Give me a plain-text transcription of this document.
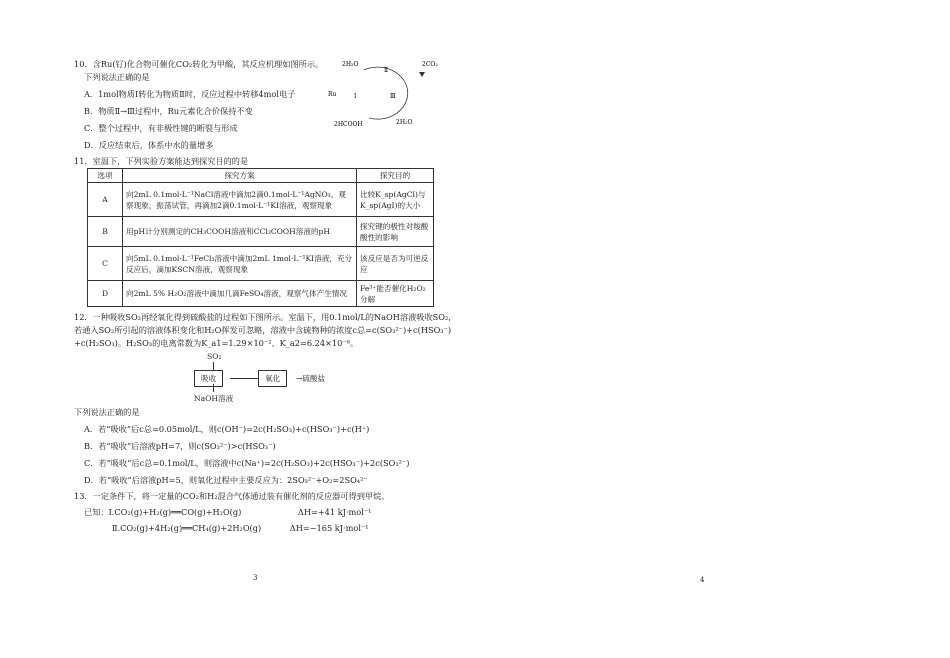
10．含Ru(钌)化合物可催化CO₂转化为甲酸，其反应机理如图所示。	2H₂O	2CO₂
Ru	Ⅰ
Ⅱ
Ⅲ
2HCOOH	2H₂O
下列说法正确的是
A．1mol物质Ⅰ转化为物质Ⅱ时，反应过程中转移4mol电子
B．物质Ⅱ→Ⅲ过程中，Ru元素化合价保持不变
C．整个过程中，有非极性键的断裂与形成
D．反应结束后，体系中水的量增多
11．室温下，下列实验方案能达到探究目的的是
选项	探究方案	探究目的
A	向2mL 0.1mol·L⁻¹NaCl溶液中滴加2滴0.1mol·L⁻¹AgNO₃，观察现象，振荡试管，再滴加2滴0.1mol·L⁻¹KI溶液，观察现象	比较K_sp(AgCl)与K_sp(AgI)的大小
B	用pH计分别测定的CH₃COOH溶液和CCl₃COOH溶液的pH	探究键的极性对羧酸酸性的影响
C	向5mL 0.1mol·L⁻¹FeCl₃溶液中滴加2mL 1mol·L⁻¹KI溶液，充分反应后，滴加KSCN溶液，观察现象	该反应是否为可逆反应
D	向2mL 5% H₂O₂溶液中滴加几滴FeSO₄溶液，观察气体产生情况	Fe³⁺能否催化H₂O₂分解
12．一种吸收SO₂再经氧化得到硫酸盐的过程如下图所示。室温下，用0.1mol/L的NaOH溶液吸收SO₂，
若通入SO₂所引起的溶液体积变化和H₂O挥发可忽略，溶液中含硫物种的浓度c总=c(SO₃²⁻)+c(HSO₃⁻)
+c(H₂SO₃)。H₂SO₃的电离常数为K_a1=1.29×10⁻²、K_a2=6.24×10⁻⁸。
SO₂
吸收	氧化	→硫酸盐
NaOH溶液
下列说法正确的是
A．若“吸收”后c总=0.05mol/L，则c(OH⁻)=2c(H₂SO₃)+c(HSO₃⁻)+c(H⁺)
B．若“吸收”后溶液pH=7，则c(SO₃²⁻)>c(HSO₃⁻)
C．若“吸收”后c总=0.1mol/L，则溶液中c(Na⁺)=2c(H₂SO₃)+2c(HSO₃⁻)+2c(SO₃²⁻)
D．若“吸收”后溶液pH=5，则氧化过程中主要反应为：2SO₃²⁻+O₂=2SO₄²⁻
13．一定条件下，将一定量的CO₂和H₂混合气体通过装有催化剂的反应器可得到甲烷。
已知：Ⅰ.CO₂(g)+H₂(g)══CO(g)+H₂O(g)	ΔH=+41 kJ·mol⁻¹
Ⅱ.CO₂(g)+4H₂(g)══CH₄(g)+2H₂O(g)	ΔH=−165 kJ·mol⁻¹
3	4
